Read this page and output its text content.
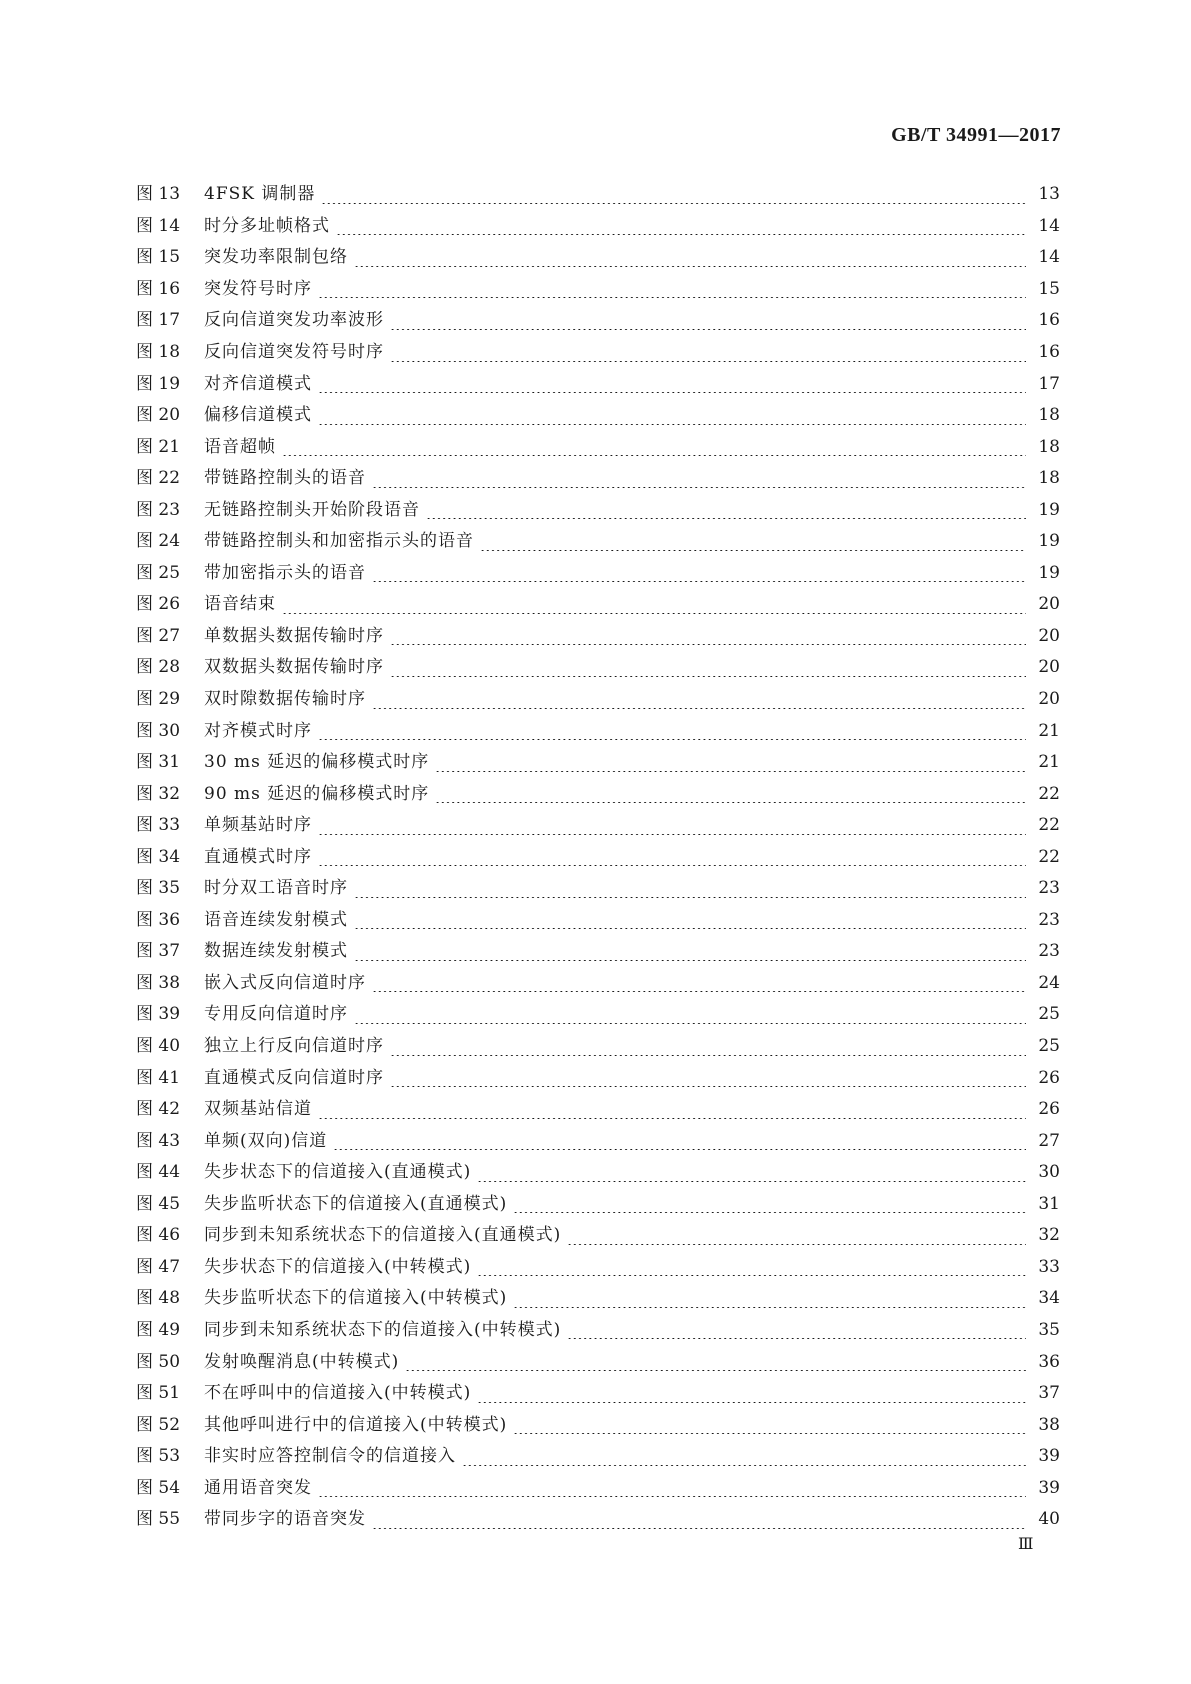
GB/T 34991—2017
图 13	4FSK 调制器	13
图 14	时分多址帧格式	14
图 15	突发功率限制包络	14
图 16	突发符号时序	15
图 17	反向信道突发功率波形	16
图 18	反向信道突发符号时序	16
图 19	对齐信道模式	17
图 20	偏移信道模式	18
图 21	语音超帧	18
图 22	带链路控制头的语音	18
图 23	无链路控制头开始阶段语音	19
图 24	带链路控制头和加密指示头的语音	19
图 25	带加密指示头的语音	19
图 26	语音结束	20
图 27	单数据头数据传输时序	20
图 28	双数据头数据传输时序	20
图 29	双时隙数据传输时序	20
图 30	对齐模式时序	21
图 31	30 ms 延迟的偏移模式时序	21
图 32	90 ms 延迟的偏移模式时序	22
图 33	单频基站时序	22
图 34	直通模式时序	22
图 35	时分双工语音时序	23
图 36	语音连续发射模式	23
图 37	数据连续发射模式	23
图 38	嵌入式反向信道时序	24
图 39	专用反向信道时序	25
图 40	独立上行反向信道时序	25
图 41	直通模式反向信道时序	26
图 42	双频基站信道	26
图 43	单频(双向)信道	27
图 44	失步状态下的信道接入(直通模式)	30
图 45	失步监听状态下的信道接入(直通模式)	31
图 46	同步到未知系统状态下的信道接入(直通模式)	32
图 47	失步状态下的信道接入(中转模式)	33
图 48	失步监听状态下的信道接入(中转模式)	34
图 49	同步到未知系统状态下的信道接入(中转模式)	35
图 50	发射唤醒消息(中转模式)	36
图 51	不在呼叫中的信道接入(中转模式)	37
图 52	其他呼叫进行中的信道接入(中转模式)	38
图 53	非实时应答控制信令的信道接入	39
图 54	通用语音突发	39
图 55	带同步字的语音突发	40
Ⅲ
